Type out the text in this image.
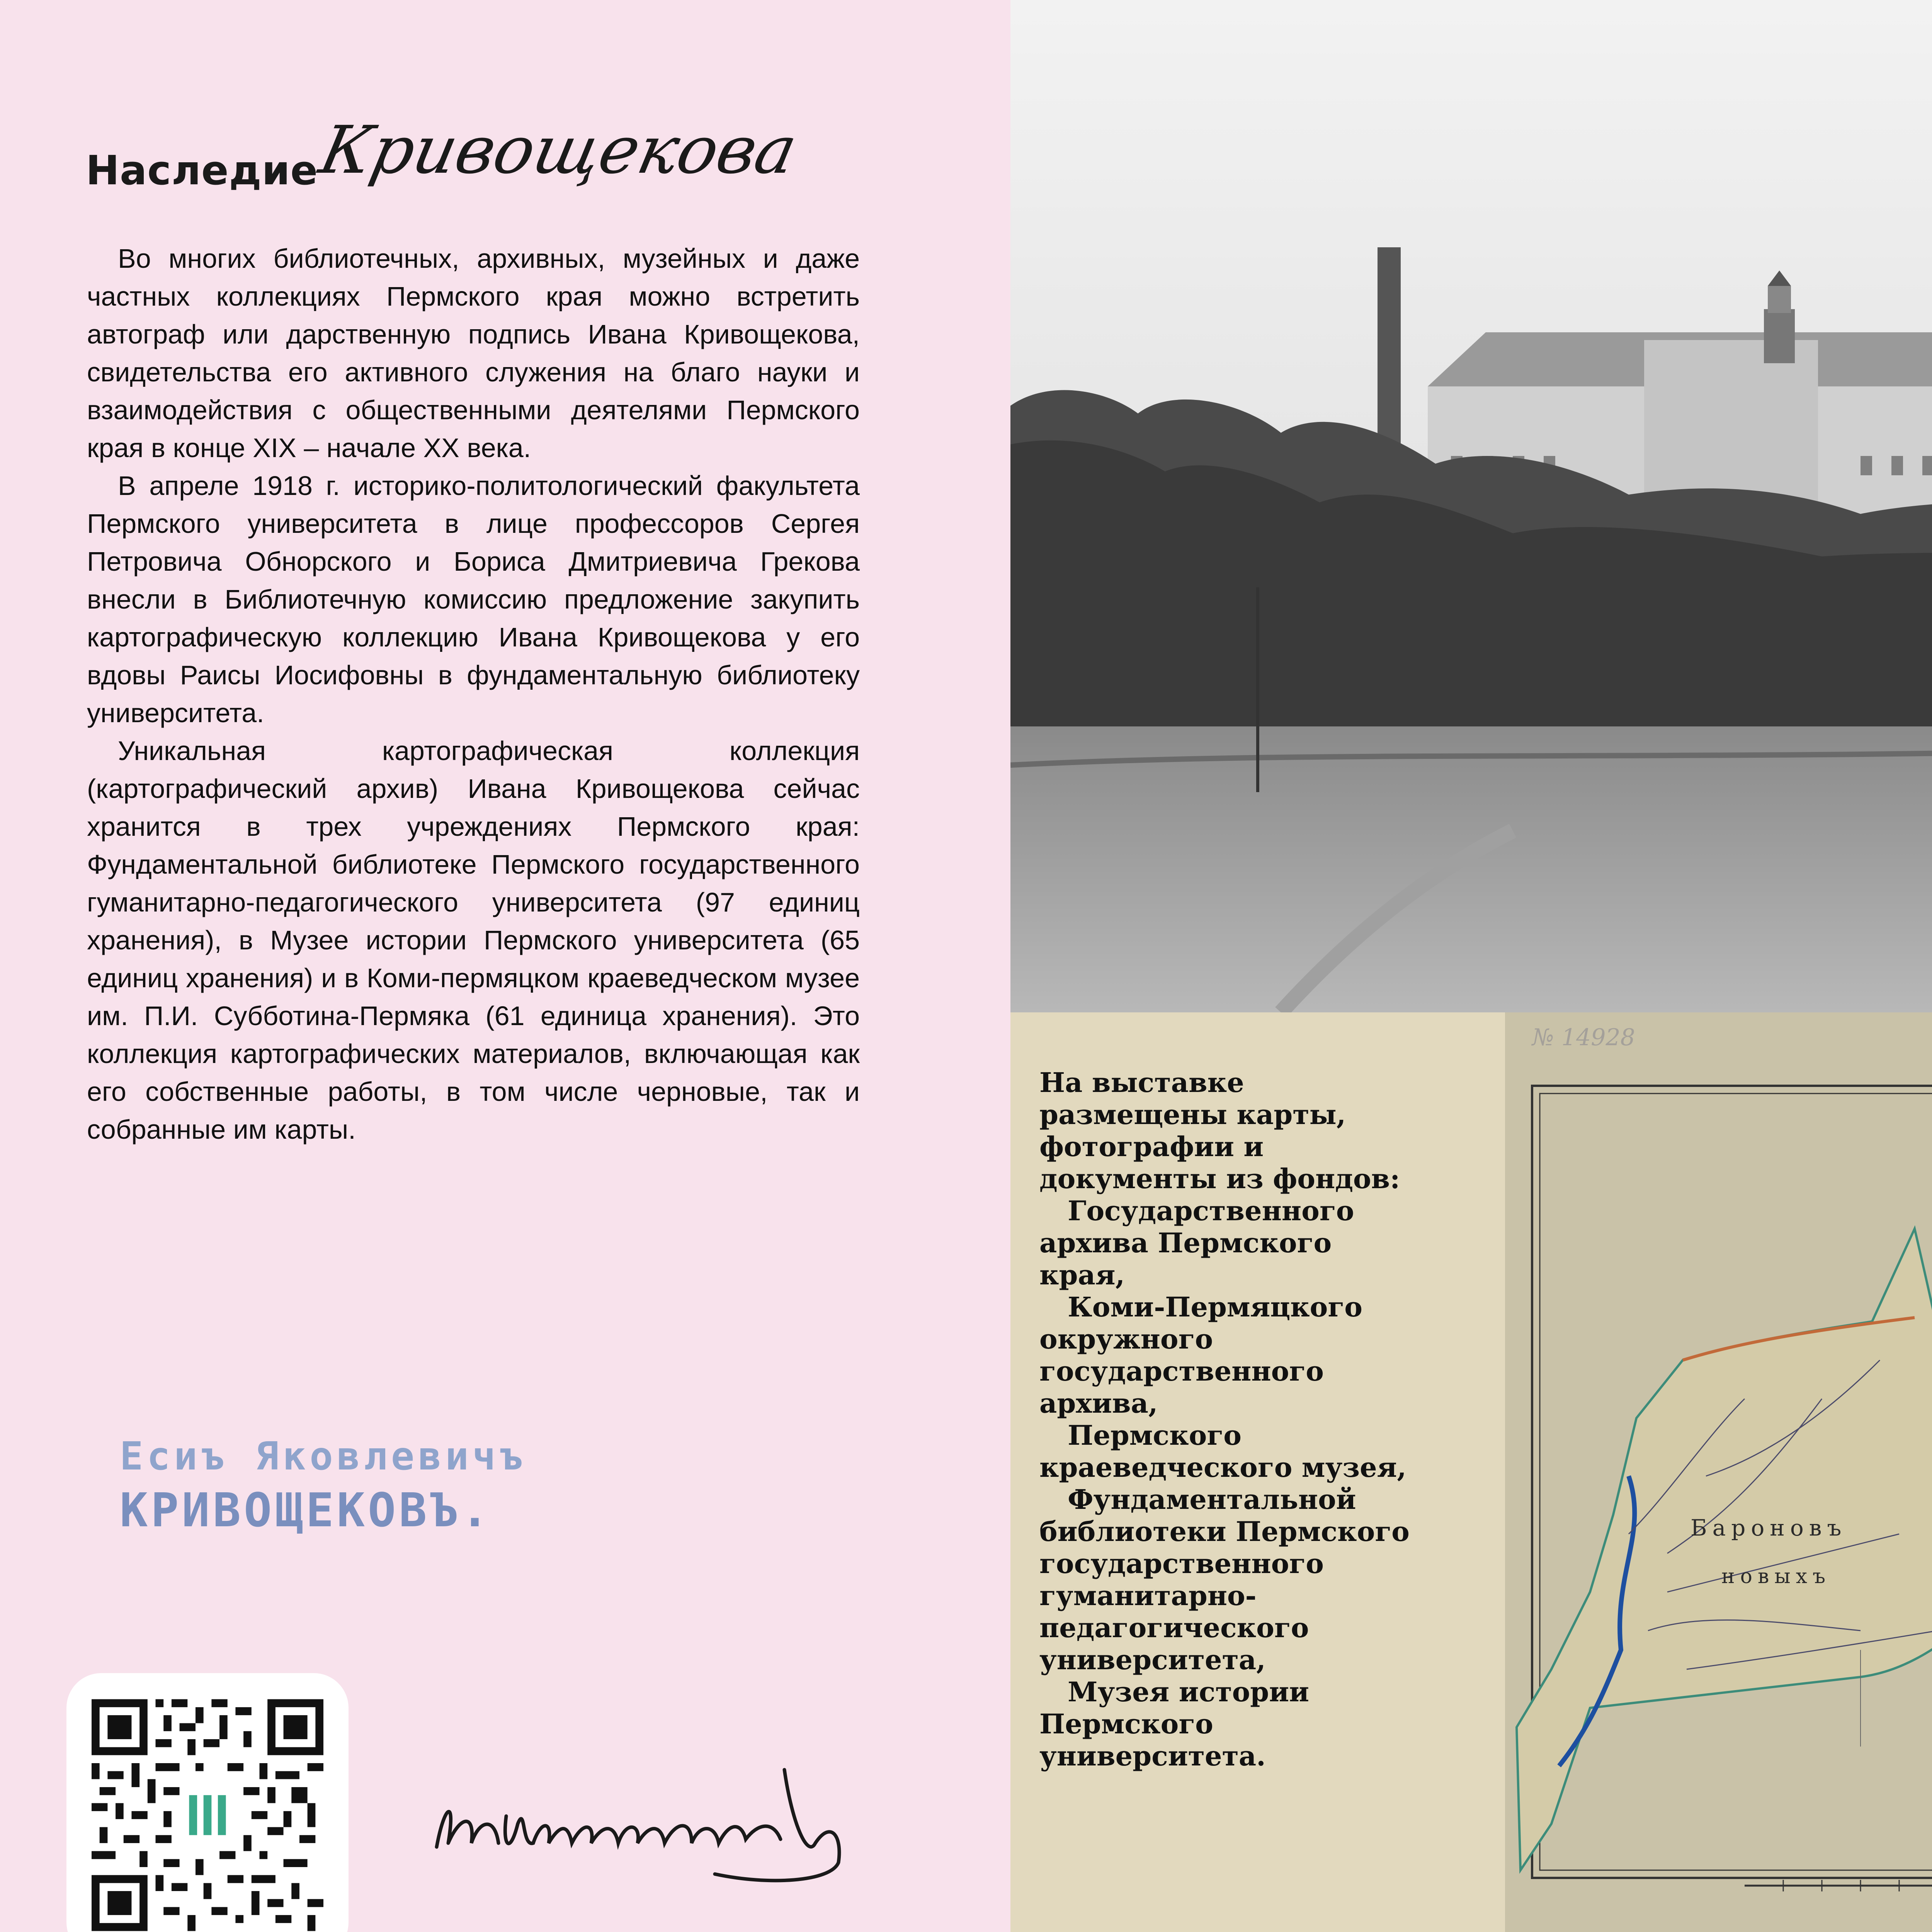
Наследие
Кривощекова

Во многих библиотечных, архивных, музейных и даже частных коллекциях Пермского края можно встретить автограф или дарственную подпись Ивана Кривощекова, свидетельства его активного служения на благо науки и взаимодействия с общественными деятелями Пермского края в конце XIX – начале XX века.

В апреле 1918 г. историко-политологический факультета Пермского университета в лице профессоров Сергея Петровича Обнорского и Бориса Дмитриевича Грекова внесли в Библиотечную комиссию предложение закупить картографическую коллекцию Ивана Кривощекова у его вдовы Раисы Иосифовны в фундаментальную библиотеку университета.

Уникальная картографическая коллекция (картографический архив) Ивана Кривощекова сейчас хранится в трех учреждениях Пермского края: Фундаментальной библиотеке Пермского государственного гуманитарно-педагогического университета (97 единиц хранения), в Музее истории Пермского университета (65 единиц хранения) и в Коми-пермяцком краеведческом музее им. П.И. Субботина-Пермяка (61 единица хранения). Это коллекция картографических материалов, включающая как его собственные работы, в том числе черновые, так и собранные им карты.

Есиъ Яковлевичъ
КРИВОЩЕКОВЪ.
№ 14928
Бароновъ
новыхъ
На выставке
размещены карты,
фотографии и
документы из фондов:
Государственного
архива Пермского
края,
Коми-Пермяцкого
окружного
государственного
архива,
Пермского
краеведческого музея,
Фундаментальной
библиотеки Пермского
государственного
гуманитарно-
педагогического
университета,
Музея истории
Пермского
университета.
